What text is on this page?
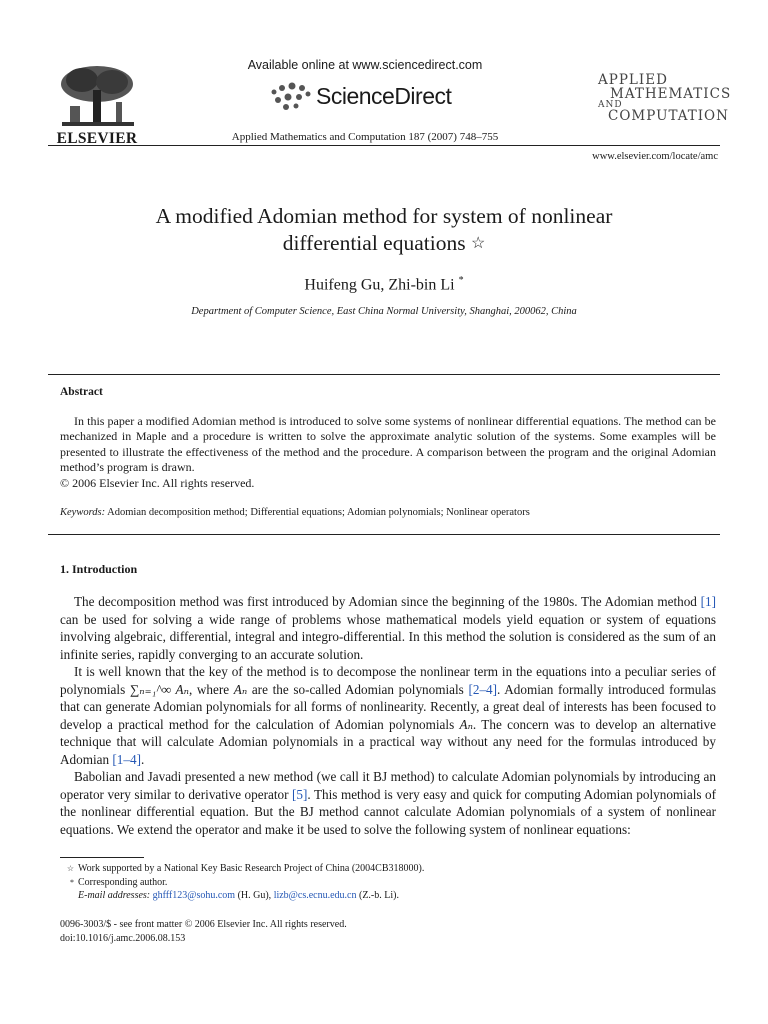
ELSEVIER
Available online at www.sciencedirect.com
ScienceDirect
Applied Mathematics and Computation 187 (2007) 748–755
APPLIED
MATHEMATICS
AND
COMPUTATION
www.elsevier.com/locate/amc
A modified Adomian method for system of nonlinear
differential equations ☆
Huifeng Gu, Zhi-bin Li *
Department of Computer Science, East China Normal University, Shanghai, 200062, China
Abstract
In this paper a modified Adomian method is introduced to solve some systems of nonlinear differential equations. The method can be mechanized in Maple and a procedure is written to solve the approximate analytic solution of the systems. Some examples will be presented to illustrate the effectiveness of the method and the procedure. A comparison between the program and the original Adomian method’s program is drawn.
© 2006 Elsevier Inc. All rights reserved.
Keywords: Adomian decomposition method; Differential equations; Adomian polynomials; Nonlinear operators
1. Introduction
The decomposition method was first introduced by Adomian since the beginning of the 1980s. The Adomian method [1] can be used for solving a wide range of problems whose mathematical models yield equation or system of equations involving algebraic, differential, integral and integro-differential. In this method the solution is considered as the sum of an infinite series, rapidly converging to an accurate solution.
It is well known that the key of the method is to decompose the nonlinear term in the equations into a peculiar series of polynomials ∑ₙ₌₁^∞ Aₙ, where Aₙ are the so-called Adomian polynomials [2–4]. Adomian formally introduced formulas that can generate Adomian polynomials for all forms of nonlinearity. Recently, a great deal of interests has been focused to develop a practical method for the calculation of Adomian polynomials Aₙ. The concern was to develop an alternative technique that will calculate Adomian polynomials in a practical way without any need for the formulas introduced by Adomian [1–4].
Babolian and Javadi presented a new method (we call it BJ method) to calculate Adomian polynomials by introducing an operator very similar to derivative operator [5]. This method is very easy and quick for computing Adomian polynomials of the nonlinear differential equation. But the BJ method cannot calculate Adomian polynomials of a system of nonlinear equations. We extend the operator and make it be used to solve the following system of nonlinear equations:
☆ Work supported by a National Key Basic Research Project of China (2004CB318000).
* Corresponding author.
E-mail addresses: ghfff123@sohu.com (H. Gu), lizb@cs.ecnu.edu.cn (Z.-b. Li).
0096-3003/$ - see front matter © 2006 Elsevier Inc. All rights reserved.
doi:10.1016/j.amc.2006.08.153
